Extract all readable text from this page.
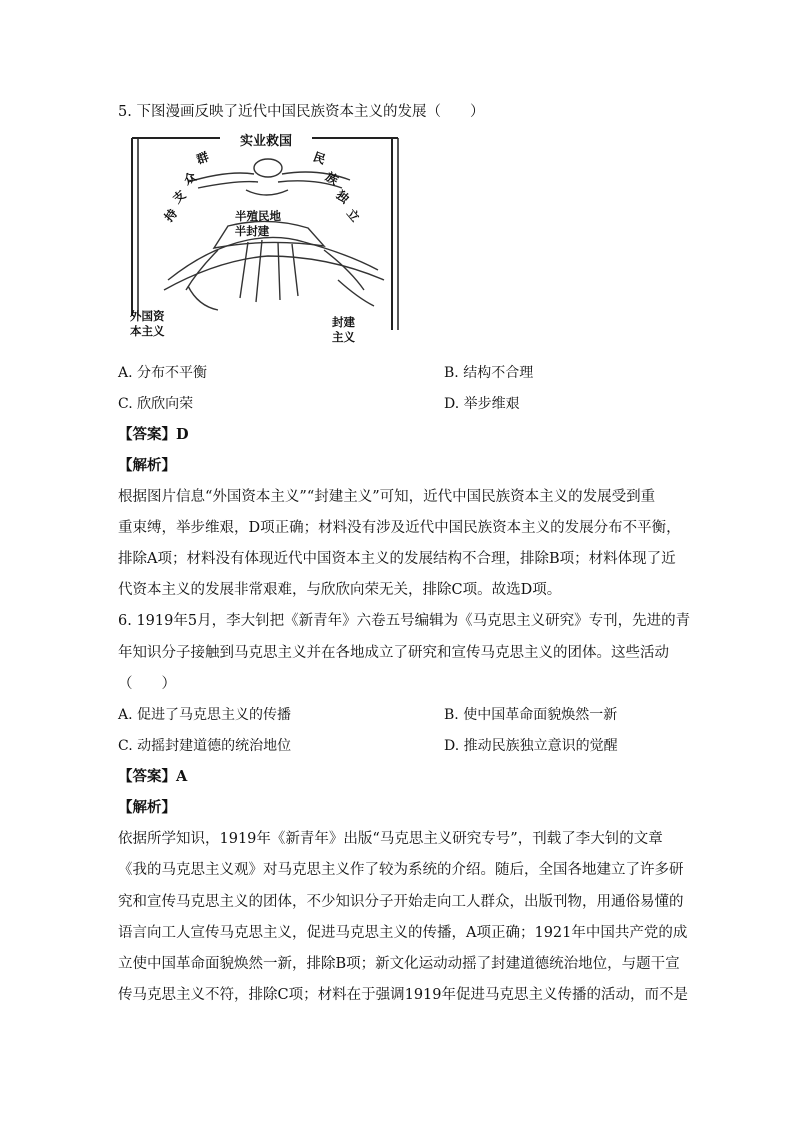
5. 下图漫画反映了近代中国民族资本主义的发展（　　）
实业救国
群
众
支
持
民
族
独
立
半殖民地
半封建
外国资
本主义
封建
主义
A. 分布不平衡	B. 结构不合理
C. 欣欣向荣	D. 举步维艰
【答案】D
【解析】
根据图片信息“外国资本主义”“封建主义”可知，近代中国民族资本主义的发展受到重
重束缚，举步维艰，D项正确；材料没有涉及近代中国民族资本主义的发展分布不平衡，
排除A项；材料没有体现近代中国资本主义的发展结构不合理，排除B项；材料体现了近
代资本主义的发展非常艰难，与欣欣向荣无关，排除C项。故选D项。
6. 1919年5月，李大钊把《新青年》六卷五号编辑为《马克思主义研究》专刊，先进的青
年知识分子接触到马克思主义并在各地成立了研究和宣传马克思主义的团体。这些活动
（　　）
A. 促进了马克思主义的传播	B. 使中国革命面貌焕然一新
C. 动摇封建道德的统治地位	D. 推动民族独立意识的觉醒
【答案】A
【解析】
依据所学知识，1919年《新青年》出版“马克思主义研究专号”，刊载了李大钊的文章
《我的马克思主义观》对马克思主义作了较为系统的介绍。随后，全国各地建立了许多研
究和宣传马克思主义的团体，不少知识分子开始走向工人群众，出版刊物，用通俗易懂的
语言向工人宣传马克思主义，促进马克思主义的传播，A项正确；1921年中国共产党的成
立使中国革命面貌焕然一新，排除B项；新文化运动动摇了封建道德统治地位，与题干宣
传马克思主义不符，排除C项；材料在于强调1919年促进马克思主义传播的活动，而不是
